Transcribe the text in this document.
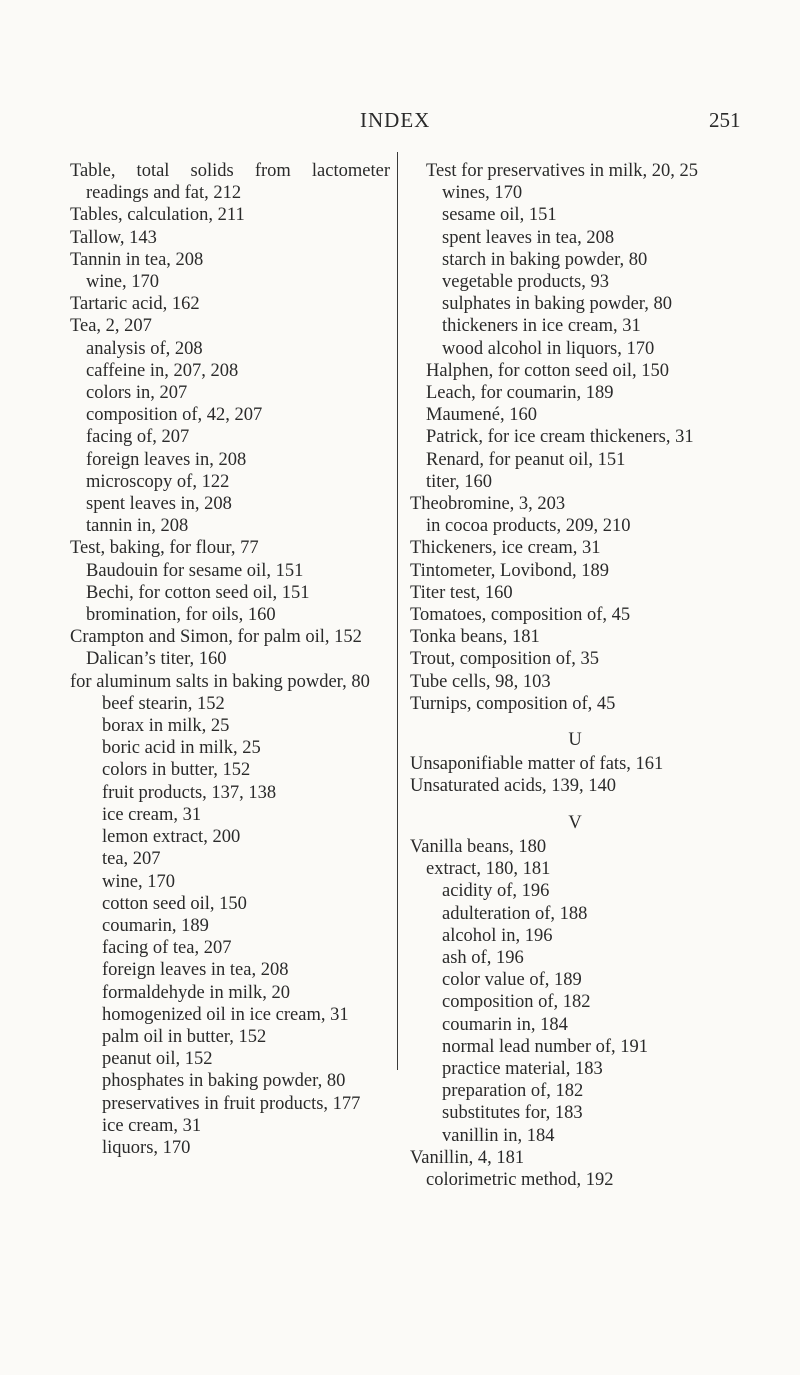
INDEX	251
Table, total solids from lactometer readings and fat, 212
Tables, calculation, 211
Tallow, 143
Tannin in tea, 208
wine, 170
Tartaric acid, 162
Tea, 2, 207
analysis of, 208
caffeine in, 207, 208
colors in, 207
composition of, 42, 207
facing of, 207
foreign leaves in, 208
microscopy of, 122
spent leaves in, 208
tannin in, 208
Test, baking, for flour, 77
Baudouin for sesame oil, 151
Bechi, for cotton seed oil, 151
bromination, for oils, 160
Crampton and Simon, for palm oil, 152
Dalican’s titer, 160
for aluminum salts in baking powder, 80
beef stearin, 152
borax in milk, 25
boric acid in milk, 25
colors in butter, 152
fruit products, 137, 138
ice cream, 31
lemon extract, 200
tea, 207
wine, 170
cotton seed oil, 150
coumarin, 189
facing of tea, 207
foreign leaves in tea, 208
formaldehyde in milk, 20
homogenized oil in ice cream, 31
palm oil in butter, 152
peanut oil, 152
phosphates in baking powder, 80
preservatives in fruit products, 177
ice cream, 31
liquors, 170
Test for preservatives in milk, 20, 25
wines, 170
sesame oil, 151
spent leaves in tea, 208
starch in baking powder, 80
vegetable products, 93
sulphates in baking powder, 80
thickeners in ice cream, 31
wood alcohol in liquors, 170
Halphen, for cotton seed oil, 150
Leach, for coumarin, 189
Maumené, 160
Patrick, for ice cream thickeners, 31
Renard, for peanut oil, 151
titer, 160
Theobromine, 3, 203
in cocoa products, 209, 210
Thickeners, ice cream, 31
Tintometer, Lovibond, 189
Titer test, 160
Tomatoes, composition of, 45
Tonka beans, 181
Trout, composition of, 35
Tube cells, 98, 103
Turnips, composition of, 45
U
Unsaponifiable matter of fats, 161
Unsaturated acids, 139, 140
V
Vanilla beans, 180
extract, 180, 181
acidity of, 196
adulteration of, 188
alcohol in, 196
ash of, 196
color value of, 189
composition of, 182
coumarin in, 184
normal lead number of, 191
practice material, 183
preparation of, 182
substitutes for, 183
vanillin in, 184
Vanillin, 4, 181
colorimetric method, 192
